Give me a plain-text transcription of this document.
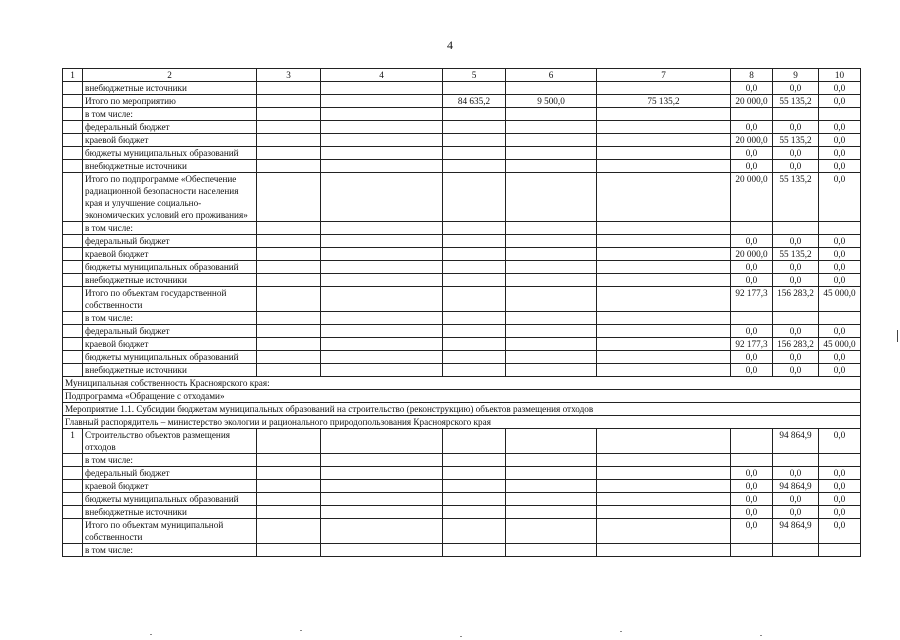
4
1	2	3	4	5	6	7	8	9	10
	внебюджетные источники						0,0	0,0	0,0
	Итого по мероприятию			84 635,2	9 500,0	75 135,2	20 000,0	55 135,2	0,0
	в том числе:								
	федеральный бюджет						0,0	0,0	0,0
	краевой бюджет						20 000,0	55 135,2	0,0
	бюджеты муниципальных образований						0,0	0,0	0,0
	внебюджетные источники						0,0	0,0	0,0
	Итого по подпрограмме «Обеспечение радиационной безопасности населения края и улучшение социально-экономических условий его проживания»						20 000,0	55 135,2	0,0
	в том числе:								
	федеральный бюджет						0,0	0,0	0,0
	краевой бюджет						20 000,0	55 135,2	0,0
	бюджеты муниципальных образований						0,0	0,0	0,0
	внебюджетные источники						0,0	0,0	0,0
	Итого по объектам государственной собственности						92 177,3	156 283,2	45 000,0
	в том числе:								
	федеральный бюджет						0,0	0,0	0,0
	краевой бюджет						92 177,3	156 283,2	45 000,0
	бюджеты муниципальных образований						0,0	0,0	0,0
	внебюджетные источники						0,0	0,0	0,0
Муниципальная собственность Красноярского края:									
Подпрограмма «Обращение с отходами»									
Мероприятие 1.1. Субсидии бюджетам муниципальных образований на строительство (реконструкцию) объектов размещения отходов									
Главный распорядитель – министерство экологии и рационального природопользования Красноярского края									
1	Строительство объектов размещения отходов							94 864,9	0,0
	в том числе:								
	федеральный бюджет						0,0	0,0	0,0
	краевой бюджет						0,0	94 864,9	0,0
	бюджеты муниципальных образований						0,0	0,0	0,0
	внебюджетные источники						0,0	0,0	0,0
	Итого по объектам муниципальной собственности						0,0	94 864,9	0,0
	в том числе:								
